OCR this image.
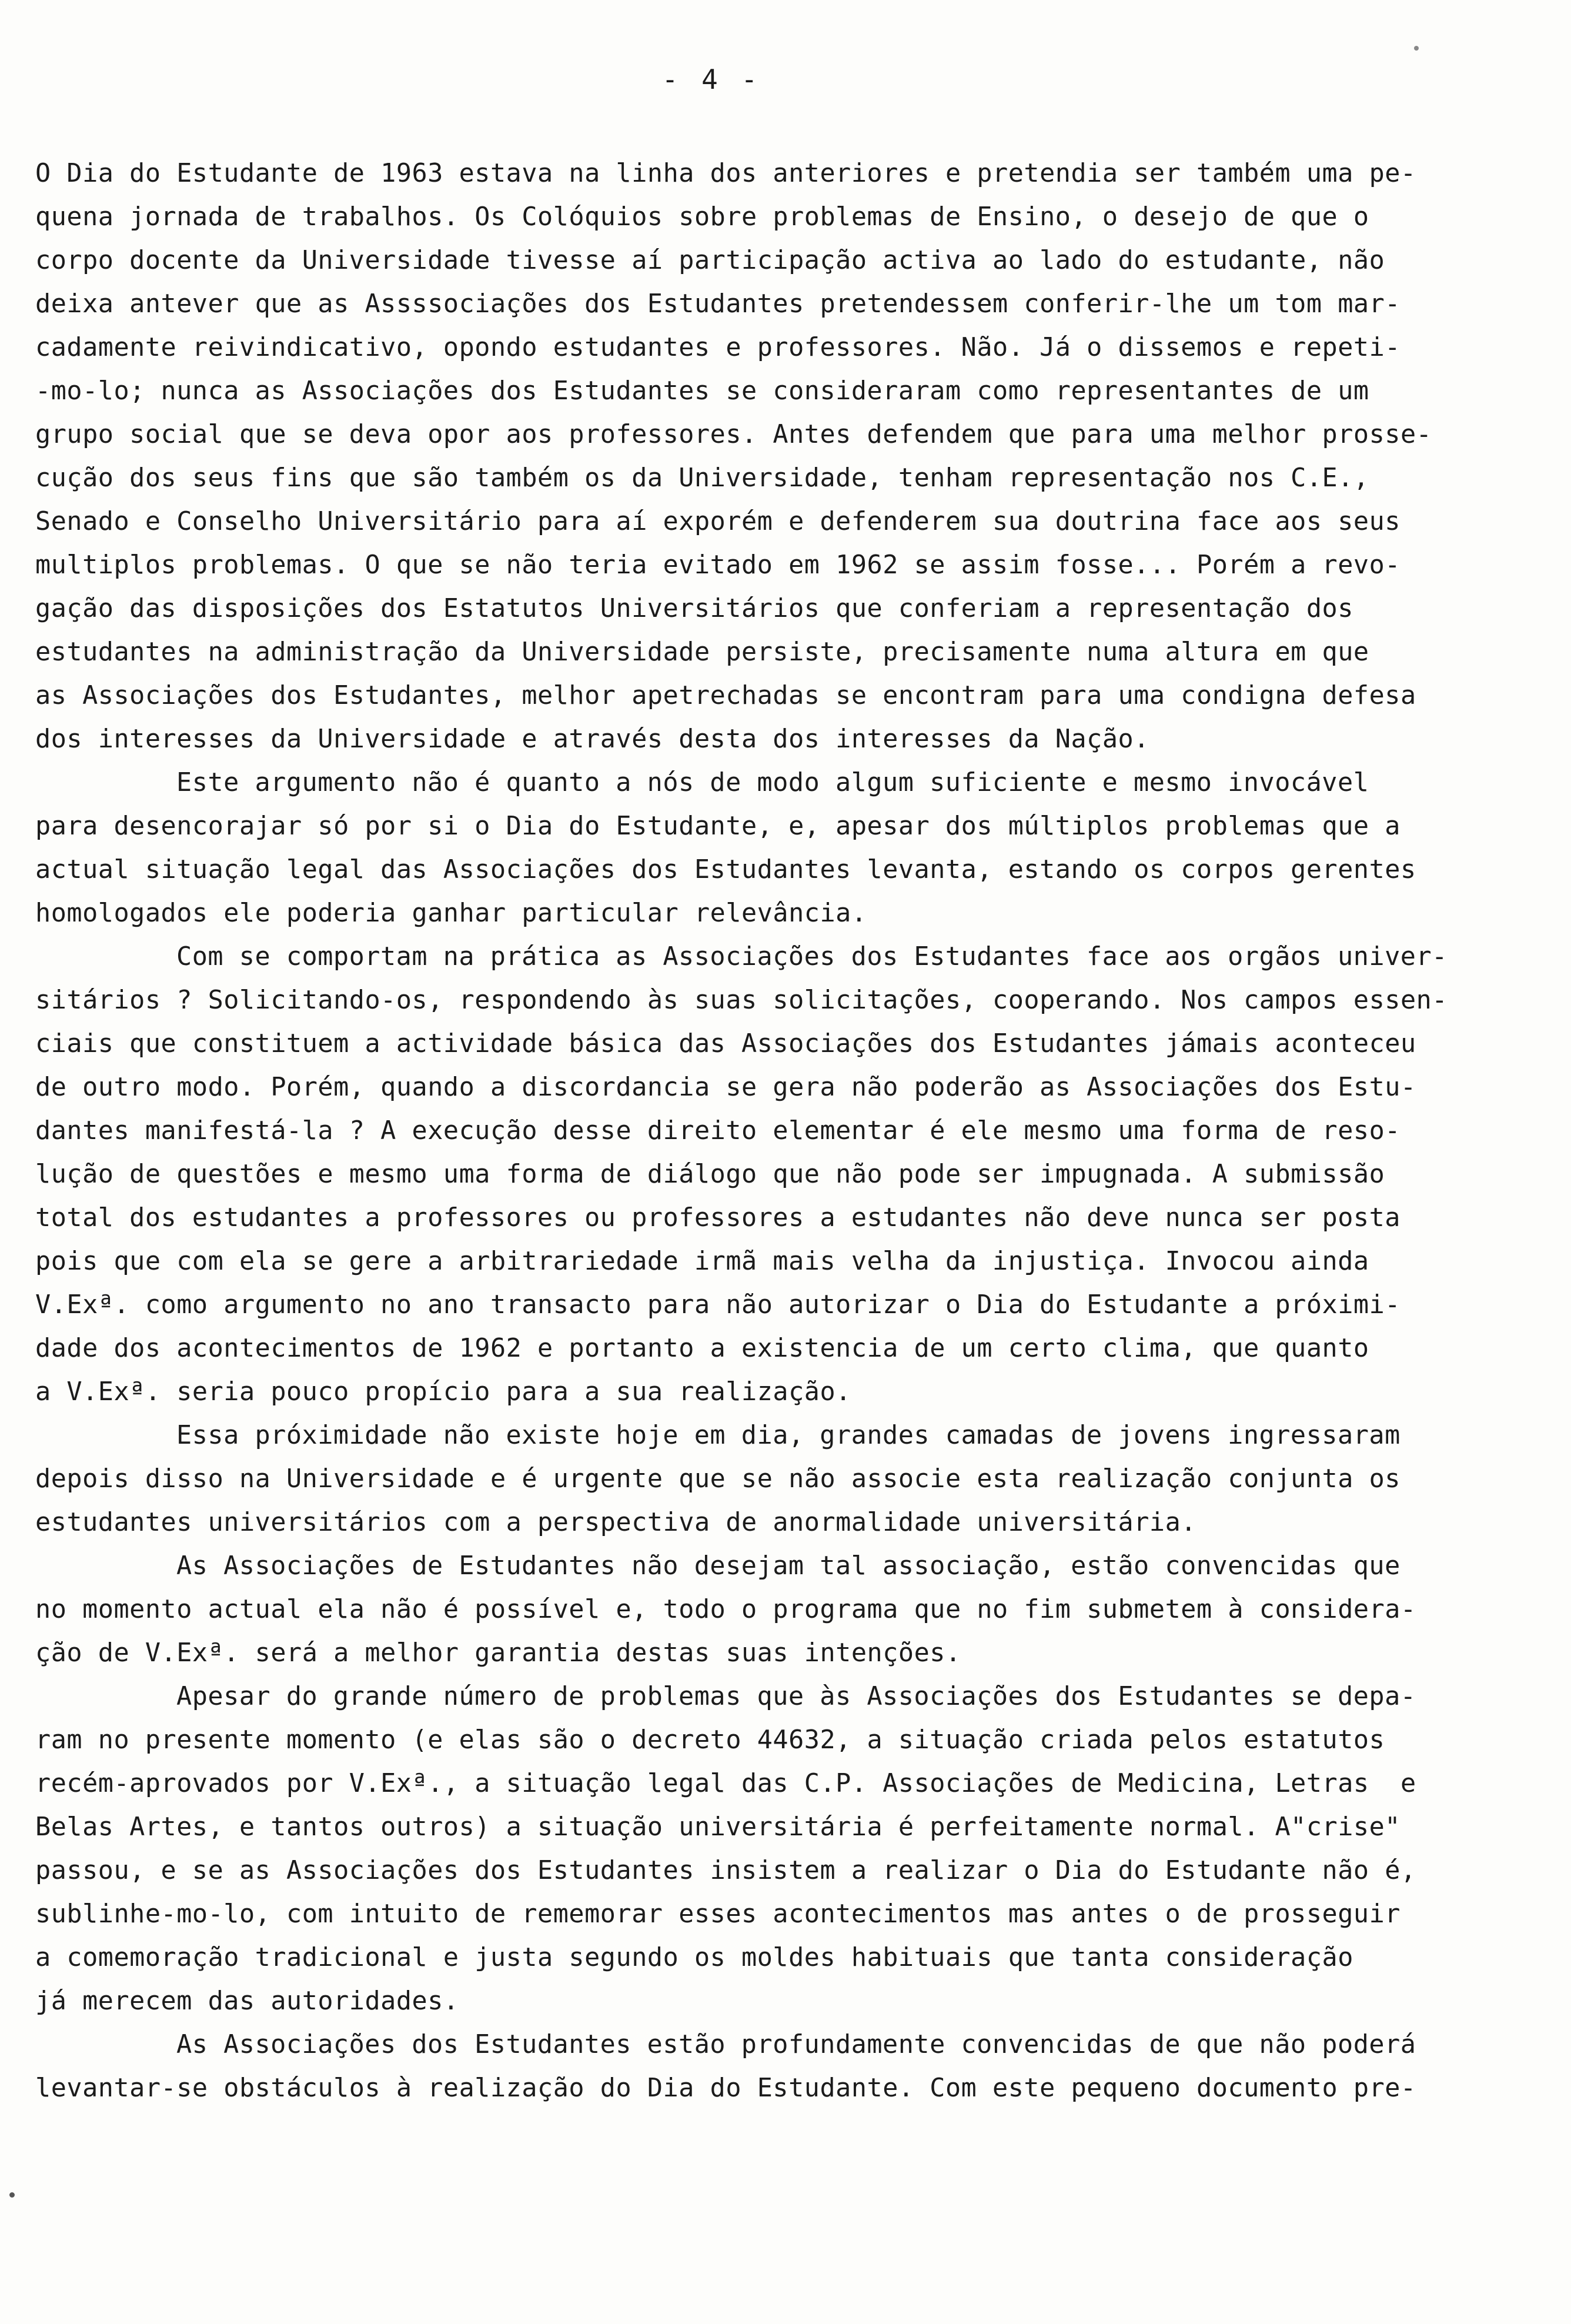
- 4 -
O Dia do Estudante de 1963 estava na linha dos anteriores e pretendia ser também uma pe-
quena jornada de trabalhos. Os Colóquios sobre problemas de Ensino, o desejo de que o
corpo docente da Universidade tivesse aí participação activa ao lado do estudante, não
deixa antever que as Assssociações dos Estudantes pretendessem conferir-lhe um tom mar-
cadamente reivindicativo, opondo estudantes e professores. Não. Já o dissemos e repeti-
-mo-lo; nunca as Associações dos Estudantes se consideraram como representantes de um
grupo social que se deva opor aos professores. Antes defendem que para uma melhor prosse-
cução dos seus fins que são também os da Universidade, tenham representação nos C.E.,
Senado e Conselho Universitário para aí exporém e defenderem sua doutrina face aos seus
multiplos problemas. O que se não teria evitado em 1962 se assim fosse... Porém a revo-
gação das disposições dos Estatutos Universitários que conferiam a representação dos
estudantes na administração da Universidade persiste, precisamente numa altura em que
as Associações dos Estudantes, melhor apetrechadas se encontram para uma condigna defesa
dos interesses da Universidade e através desta dos interesses da Nação.
Este argumento não é quanto a nós de modo algum suficiente e mesmo invocável
para desencorajar só por si o Dia do Estudante, e, apesar dos múltiplos problemas que a
actual situação legal das Associações dos Estudantes levanta, estando os corpos gerentes
homologados ele poderia ganhar particular relevância.
Com se comportam na prática as Associações dos Estudantes face aos orgãos univer-
sitários ? Solicitando-os, respondendo às suas solicitações, cooperando. Nos campos essen-
ciais que constituem a actividade básica das Associações dos Estudantes jámais aconteceu
de outro modo. Porém, quando a discordancia se gera não poderão as Associações dos Estu-
dantes manifestá-la ? A execução desse direito elementar é ele mesmo uma forma de reso-
lução de questões e mesmo uma forma de diálogo que não pode ser impugnada. A submissão
total dos estudantes a professores ou professores a estudantes não deve nunca ser posta
pois que com ela se gere a arbitrariedade irmã mais velha da injustiça. Invocou ainda
V.Exª. como argumento no ano transacto para não autorizar o Dia do Estudante a próximi-
dade dos acontecimentos de 1962 e portanto a existencia de um certo clima, que quanto
a V.Exª. seria pouco propício para a sua realização.
Essa próximidade não existe hoje em dia, grandes camadas de jovens ingressaram
depois disso na Universidade e é urgente que se não associe esta realização conjunta os
estudantes universitários com a perspectiva de anormalidade universitária.
As Associações de Estudantes não desejam tal associação, estão convencidas que
no momento actual ela não é possível e, todo o programa que no fim submetem à considera-
ção de V.Exª. será a melhor garantia destas suas intenções.
Apesar do grande número de problemas que às Associações dos Estudantes se depa-
ram no presente momento (e elas são o decreto 44632, a situação criada pelos estatutos
recém-aprovados por V.Exª., a situação legal das C.P. Associações de Medicina, Letras  e
Belas Artes, e tantos outros) a situação universitária é perfeitamente normal. A"crise"
passou, e se as Associações dos Estudantes insistem a realizar o Dia do Estudante não é,
sublinhe-mo-lo, com intuito de rememorar esses acontecimentos mas antes o de prosseguir
a comemoração tradicional e justa segundo os moldes habituais que tanta consideração
já merecem das autoridades.
As Associações dos Estudantes estão profundamente convencidas de que não poderá
levantar-se obstáculos à realização do Dia do Estudante. Com este pequeno documento pre-
